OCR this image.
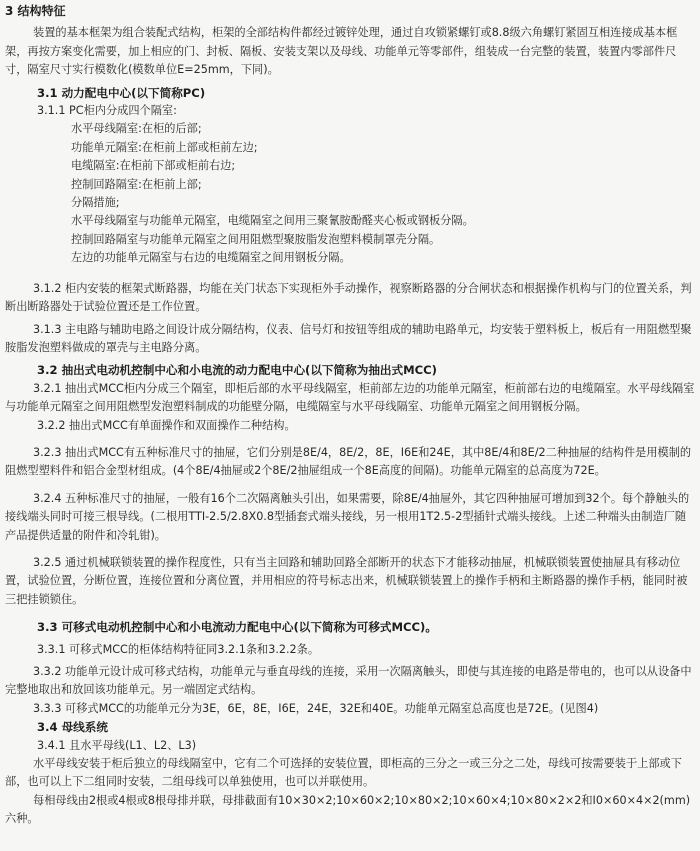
3 结构特征

装置的基本框架为组合装配式结构，柜架的全部结构件都经过镀锌处理，通过自攻锁紧螺钉或8.8级六角螺钉紧固互相连接成基本框架，再按方案变化需要，加上相应的门、封板、隔板、安装支架以及母线、功能单元等零部件，组装成一台完整的装置，装置内零部件尺寸，隔室尺寸实行模数化(模数单位E=25mm，下同)。

3.1 动力配电中心(以下简称PC)

3.1.1 PC柜内分成四个隔室:

水平母线隔室:在柜的后部;

功能单元隔室:在柜前上部或柜前左边;

电缆隔室:在柜前下部或柜前右边;

控制回路隔室:在柜前上部;

分隔措施;

水平母线隔室与功能单元隔室，电缆隔室之间用三聚氰胺酚醛夹心板或钢板分隔。

控制回路隔室与功能单元隔室之间用阻燃型聚胺脂发泡塑料模制罩壳分隔。

左边的功能单元隔室与右边的电缆隔室之间用钢板分隔。

3.1.2 柜内安装的框架式断路器，均能在关门状态下实现柜外手动操作，视察断路器的分合闸状态和根据操作机构与门的位置关系，判断出断路器处于试验位置还是工作位置。

3.1.3 主电路与辅助电路之间设计成分隔结构，仪表、信号灯和按钮等组成的辅助电路单元，均安装于塑料板上，板后有一用阻燃型聚胺脂发泡塑料做成的罩壳与主电路分离。

3.2 抽出式电动机控制中心和小电流的动力配电中心(以下简称为抽出式MCC)

3.2.1 抽出式MCC柜内分成三个隔室，即柜后部的水平母线隔室，柜前部左边的功能单元隔室，柜前部右边的电缆隔室。水平母线隔室与功能单元隔室之间用阻燃型发泡塑料制成的功能壁分隔，电缆隔室与水平母线隔室、功能单元隔室之间用钢板分隔。

3.2.2 抽出式MCC有单面操作和双面操作二种结构。

3.2.3 抽出式MCC有五种标准尺寸的抽屉，它们分别是8E/4，8E/2，8E，I6E和24E，其中8E/4和8E/2二种抽屉的结构件是用模制的阻燃型塑料件和铝合金型材组成。(4个8E/4抽屉或2个8E/2抽屉组成一个8E高度的间隔)。功能单元隔室的总高度为72E。

3.2.4 五种标准尺寸的抽屉，一般有16个二次隔离触头引出，如果需要，除8E/4抽屉外，其它四种抽屉可增加到32个。每个静触头的接线端头同时可接三根导线。(二根用TTI-2.5/2.8X0.8型插套式端头接线，另一根用1T2.5-2型插针式端头接线。上述二种端头由制造厂随产品提供适量的附件和冷轧钳)。

3.2.5 通过机械联锁装置的操作程度性，只有当主回路和辅助回路全部断开的状态下才能移动抽屉，机械联锁装置使抽屉具有移动位置，试验位置，分断位置，连接位置和分离位置，并用相应的符号标志出来，机械联锁装置上的操作手柄和主断路器的操作手柄，能同时被三把挂锁锁住。

3.3 可移式电动机控制中心和小电流动力配电中心(以下简称为可移式MCC)。

3.3.1 可移式MCC的柜体结构特征同3.2.1条和3.2.2条。

3.3.2 功能单元设计成可移式结构，功能单元与垂直母线的连接，采用一次隔离触头，即使与其连接的电路是带电的，也可以从设备中完整地取出和放回该功能单元。另一端固定式结构。

3.3.3 可移式MCC的功能单元分为3E，6E，8E，I6E，24E，32E和40E。功能单元隔室总高度也是72E。(见图4)

3.4 母线系统

3.4.1 且水平母线(L1、L2、L3)

水平母线安装于柜后独立的母线隔室中，它有二个可选择的安装位置，即柜高的三分之一或三分之二处，母线可按需要装于上部或下部，也可以上下二组同时安装，二组母线可以单独使用，也可以并联使用。

每相母线由2根或4根或8根母排并联，母排截面有10×30×2;10×60×2;10×80×2;10×60×4;10×80×2×2和I0×60×4×2(mm)六种。
